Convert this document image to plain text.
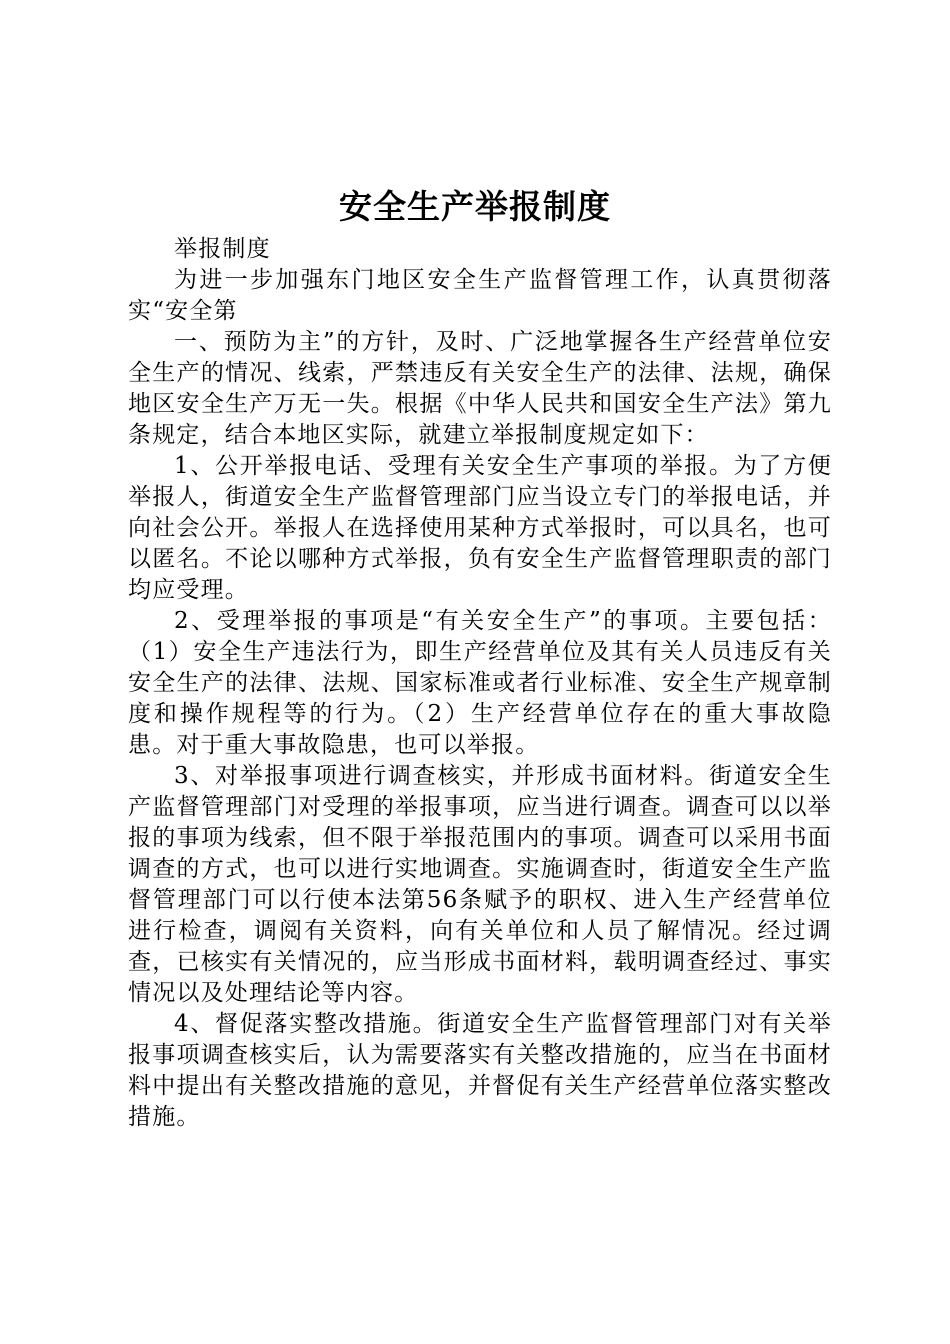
安全生产举报制度

举报制度

为进一步加强东门地区安全生产监督管理工作，认真贯彻落实“安全第

一、预防为主”的方针，及时、广泛地掌握各生产经营单位安全生产的情况、线索，严禁违反有关安全生产的法律、法规，确保地区安全生产万无一失。根据《中华人民共和国安全生产法》第九条规定，结合本地区实际，就建立举报制度规定如下：

1、公开举报电话、受理有关安全生产事项的举报。为了方便举报人，街道安全生产监督管理部门应当设立专门的举报电话，并向社会公开。举报人在选择使用某种方式举报时，可以具名，也可以匿名。不论以哪种方式举报，负有安全生产监督管理职责的部门均应受理。

2、受理举报的事项是“有关安全生产”的事项。主要包括：（1）安全生产违法行为，即生产经营单位及其有关人员违反有关安全生产的法律、法规、国家标准或者行业标准、安全生产规章制度和操作规程等的行为。（2）生产经营单位存在的重大事故隐患。对于重大事故隐患，也可以举报。

3、对举报事项进行调查核实，并形成书面材料。街道安全生产监督管理部门对受理的举报事项，应当进行调查。调查可以以举报的事项为线索，但不限于举报范围内的事项。调查可以采用书面调查的方式，也可以进行实地调查。实施调查时，街道安全生产监督管理部门可以行使本法第56条赋予的职权、进入生产经营单位进行检查，调阅有关资料，向有关单位和人员了解情况。经过调查，已核实有关情况的，应当形成书面材料，载明调查经过、事实情况以及处理结论等内容。

4、督促落实整改措施。街道安全生产监督管理部门对有关举报事项调查核实后，认为需要落实有关整改措施的，应当在书面材料中提出有关整改措施的意见，并督促有关生产经营单位落实整改措施。
